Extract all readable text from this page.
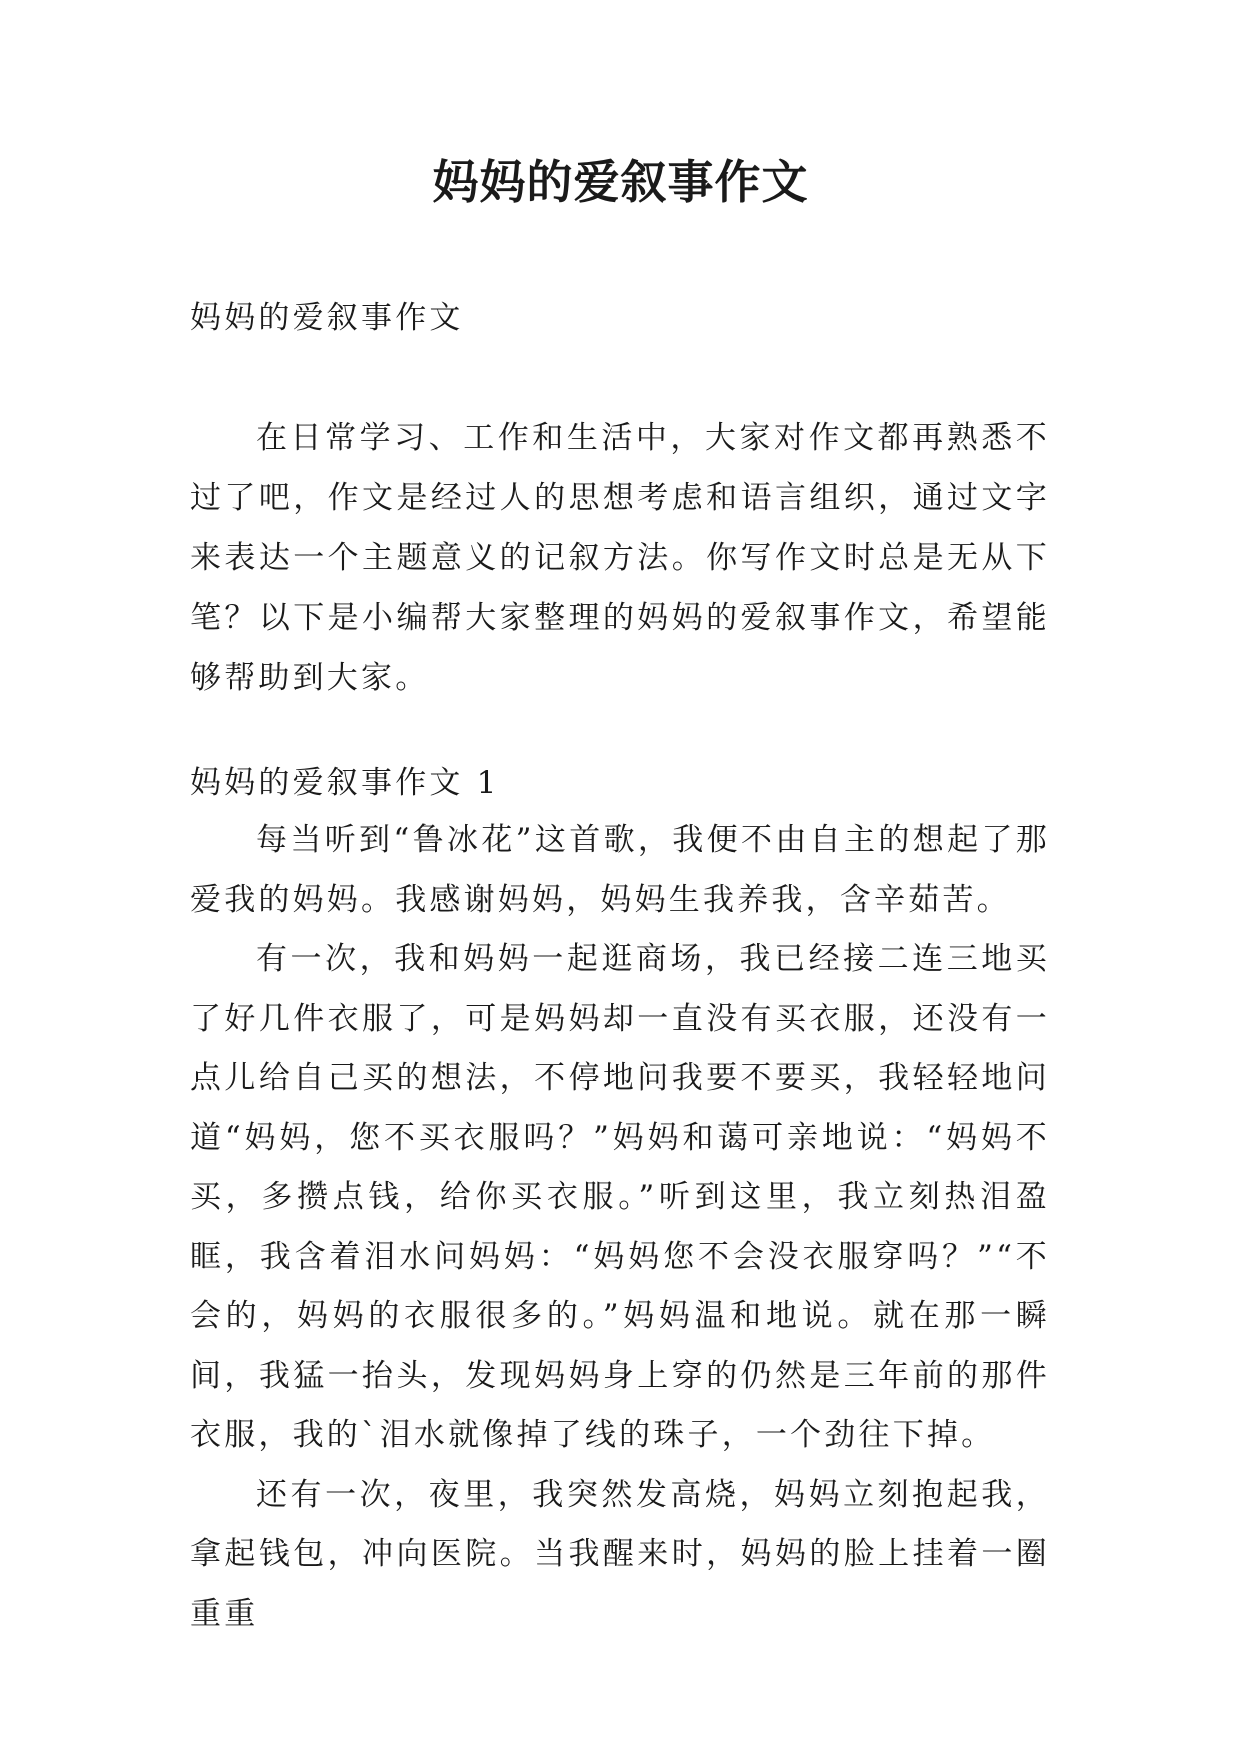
妈妈的爱叙事作文
妈妈的爱叙事作文
在日常学习、工作和生活中，大家对作文都再熟悉不过了吧，作文是经过人的思想考虑和语言组织，通过文字来表达一个主题意义的记叙方法。你写作文时总是无从下笔？以下是小编帮大家整理的妈妈的爱叙事作文，希望能够帮助到大家。
妈妈的爱叙事作文 1

每当听到“鲁冰花”这首歌，我便不由自主的想起了那爱我的妈妈。我感谢妈妈，妈妈生我养我，含辛茹苦。

有一次，我和妈妈一起逛商场，我已经接二连三地买了好几件衣服了，可是妈妈却一直没有买衣服，还没有一点儿给自己买的想法，不停地问我要不要买，我轻轻地问道“妈妈，您不买衣服吗？”妈妈和蔼可亲地说：“妈妈不买，多攒点钱，给你买衣服。”听到这里，我立刻热泪盈眶，我含着泪水问妈妈：“妈妈您不会没衣服穿吗？”“不会的，妈妈的衣服很多的。”妈妈温和地说。就在那一瞬间，我猛一抬头，发现妈妈身上穿的仍然是三年前的那件衣服，我的`泪水就像掉了线的珠子，一个劲往下掉。

还有一次，夜里，我突然发高烧，妈妈立刻抱起我，拿起钱包，冲向医院。当我醒来时，妈妈的脸上挂着一圈重重
